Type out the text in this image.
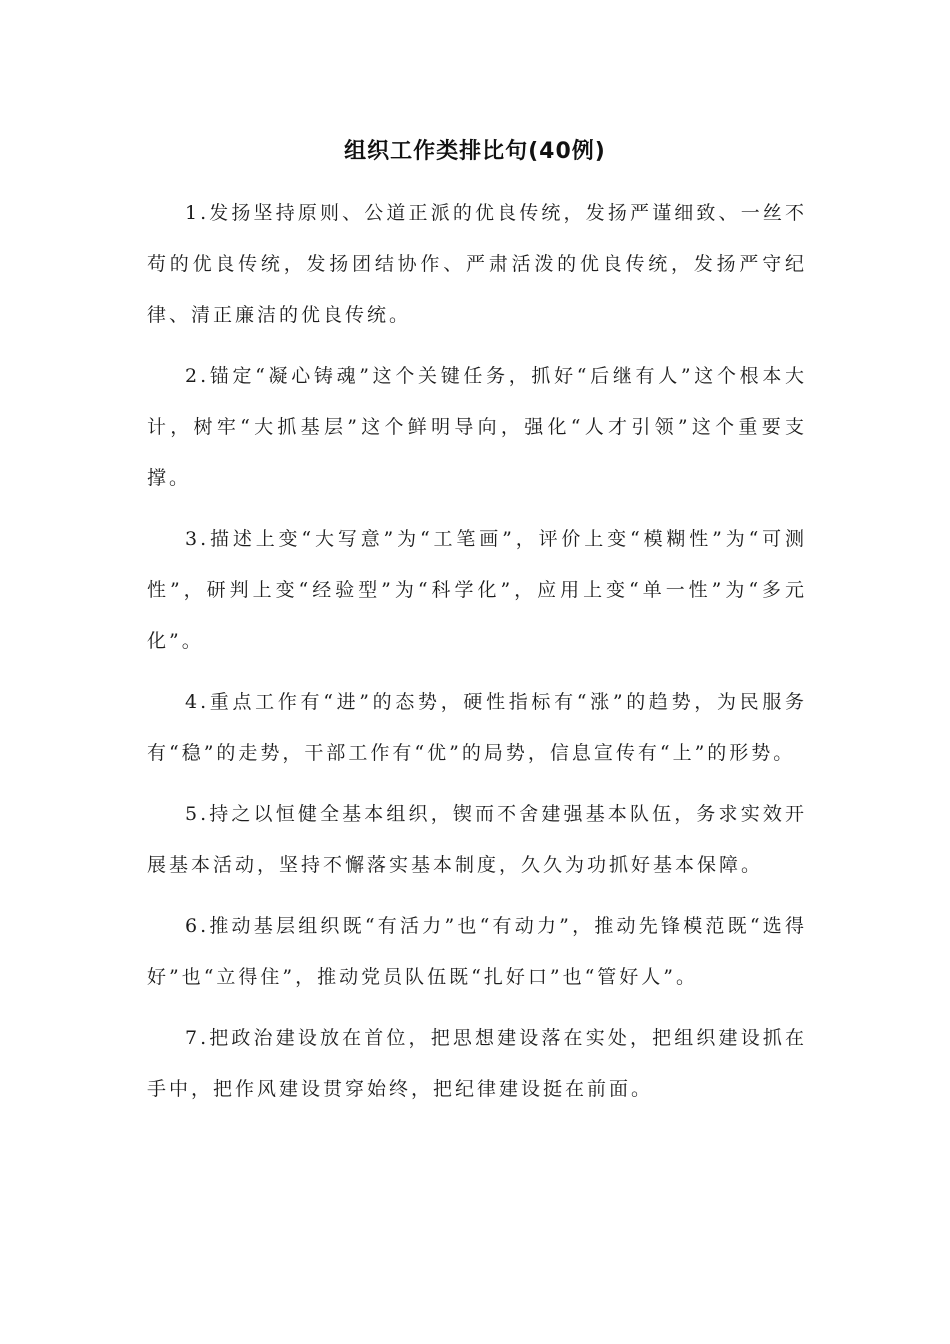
组织工作类排比句(40例)

1.发扬坚持原则、公道正派的优良传统，发扬严谨细致、一丝不苟的优良传统，发扬团结协作、严肃活泼的优良传统，发扬严守纪律、清正廉洁的优良传统。

2.锚定“凝心铸魂”这个关键任务，抓好“后继有人”这个根本大计，树牢“大抓基层”这个鲜明导向，强化“人才引领”这个重要支撑。

3.描述上变“大写意”为“工笔画”，评价上变“模糊性”为“可测性”，研判上变“经验型”为“科学化”，应用上变“单一性”为“多元化”。

4.重点工作有“进”的态势，硬性指标有“涨”的趋势，为民服务有“稳”的走势，干部工作有“优”的局势，信息宣传有“上”的形势。

5.持之以恒健全基本组织，锲而不舍建强基本队伍，务求实效开展基本活动，坚持不懈落实基本制度，久久为功抓好基本保障。

6.推动基层组织既“有活力”也“有动力”，推动先锋模范既“选得好”也“立得住”，推动党员队伍既“扎好口”也“管好人”。

7.把政治建设放在首位，把思想建设落在实处，把组织建设抓在手中，把作风建设贯穿始终，把纪律建设挺在前面。
